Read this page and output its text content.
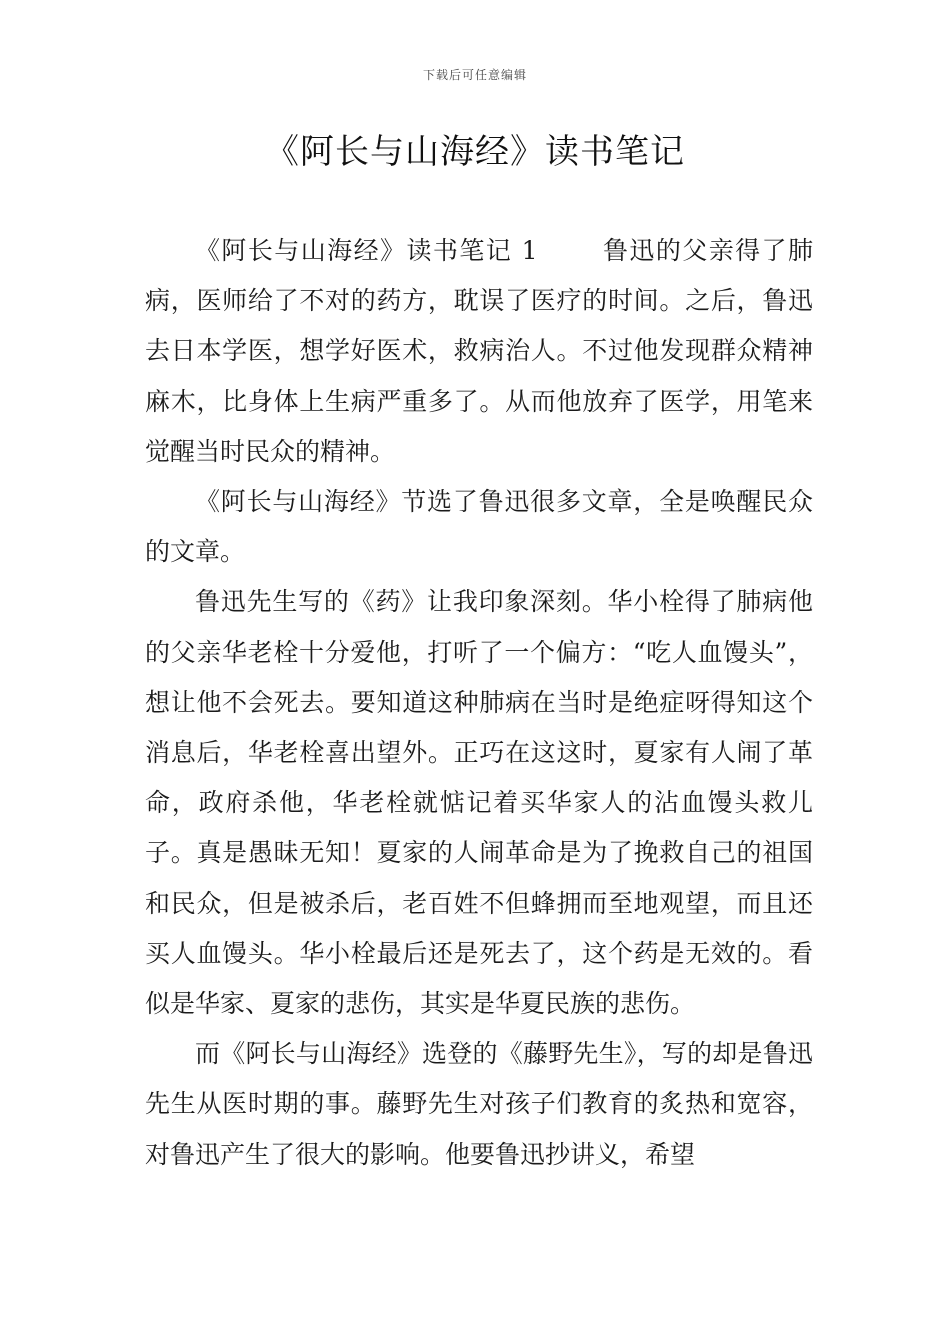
下载后可任意编辑
《阿长与山海经》读书笔记

《阿长与山海经》读书笔记 1	鲁迅的父亲得了肺病，医师给了不对的药方，耽误了医疗的时间。之后，鲁迅去日本学医，想学好医术，救病治人。不过他发现群众精神麻木，比身体上生病严重多了。从而他放弃了医学，用笔来觉醒当时民众的精神。

《阿长与山海经》节选了鲁迅很多文章，全是唤醒民众的文章。

鲁迅先生写的《药》让我印象深刻。华小栓得了肺病他的父亲华老栓十分爱他，打听了一个偏方：“吃人血馒头”，想让他不会死去。要知道这种肺病在当时是绝症呀得知这个消息后，华老栓喜出望外。正巧在这这时，夏家有人闹了革命，政府杀他，华老栓就惦记着买华家人的沾血馒头救儿子。真是愚昧无知！夏家的人闹革命是为了挽救自己的祖国和民众，但是被杀后，老百姓不但蜂拥而至地观望，而且还买人血馒头。华小栓最后还是死去了，这个药是无效的。看似是华家、夏家的悲伤，其实是华夏民族的悲伤。

而《阿长与山海经》选登的《藤野先生》，写的却是鲁迅先生从医时期的事。藤野先生对孩子们教育的炙热和宽容，对鲁迅产生了很大的影响。他要鲁迅抄讲义，希望
